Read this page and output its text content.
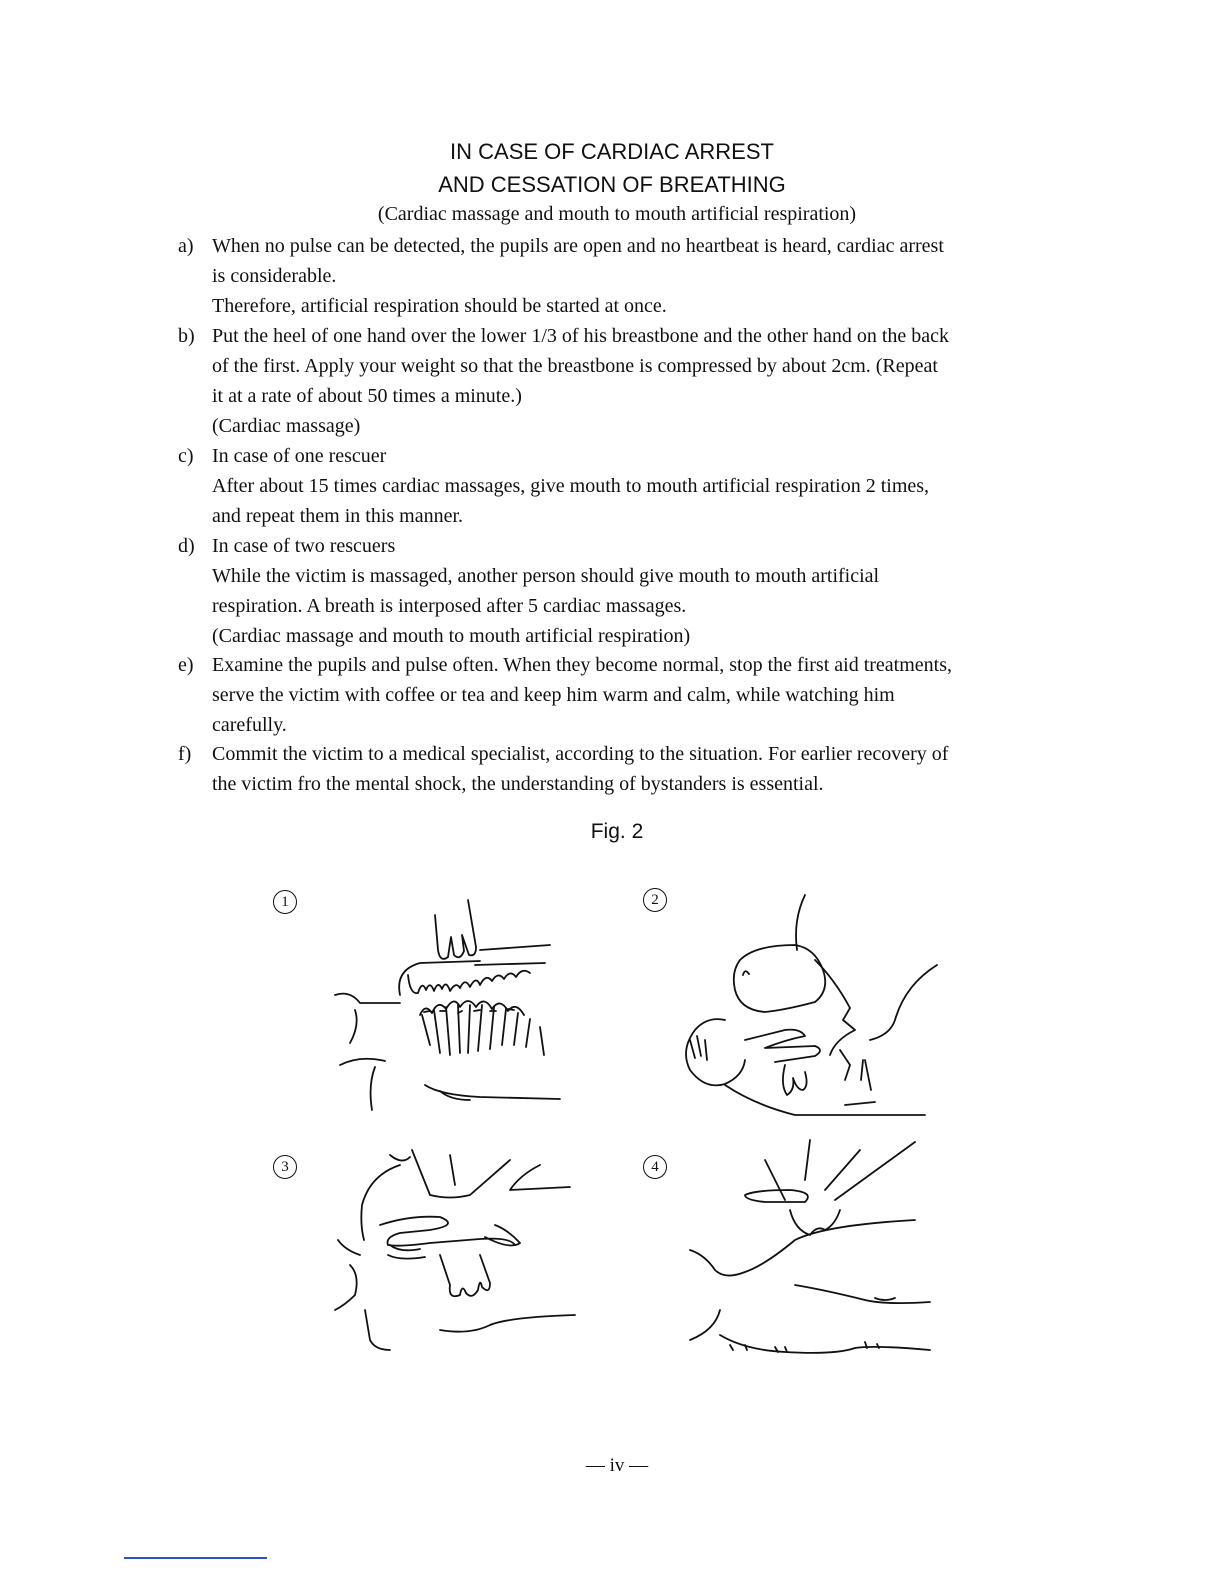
IN CASE OF CARDIAC ARREST
AND CESSATION OF BREATHING
(Cardiac massage and mouth to mouth artificial respiration)
a) When no pulse can be detected, the pupils are open and no heartbeat is heard, cardiac arrest
is considerable.
Therefore, artificial respiration should be started at once.
b) Put the heel of one hand over the lower 1/3 of his breastbone and the other hand on the back
of the first. Apply your weight so that the breastbone is compressed by about 2cm. (Repeat
it at a rate of about 50 times a minute.)
(Cardiac massage)
c) In case of one rescuer
After about 15 times cardiac massages, give mouth to mouth artificial respiration 2 times,
and repeat them in this manner.
d) In case of two rescuers
While the victim is massaged, another person should give mouth to mouth artificial
respiration. A breath is interposed after 5 cardiac massages.
(Cardiac massage and mouth to mouth artificial respiration)
e) Examine the pupils and pulse often. When they become normal, stop the first aid treatments,
serve the victim with coffee or tea and keep him warm and calm, while watching him
carefully.
f) Commit the victim to a medical specialist, according to the situation. For earlier recovery of
the victim fro the mental shock, the understanding of bystanders is essential.
Fig. 2
1	2
3	4
— iv —
